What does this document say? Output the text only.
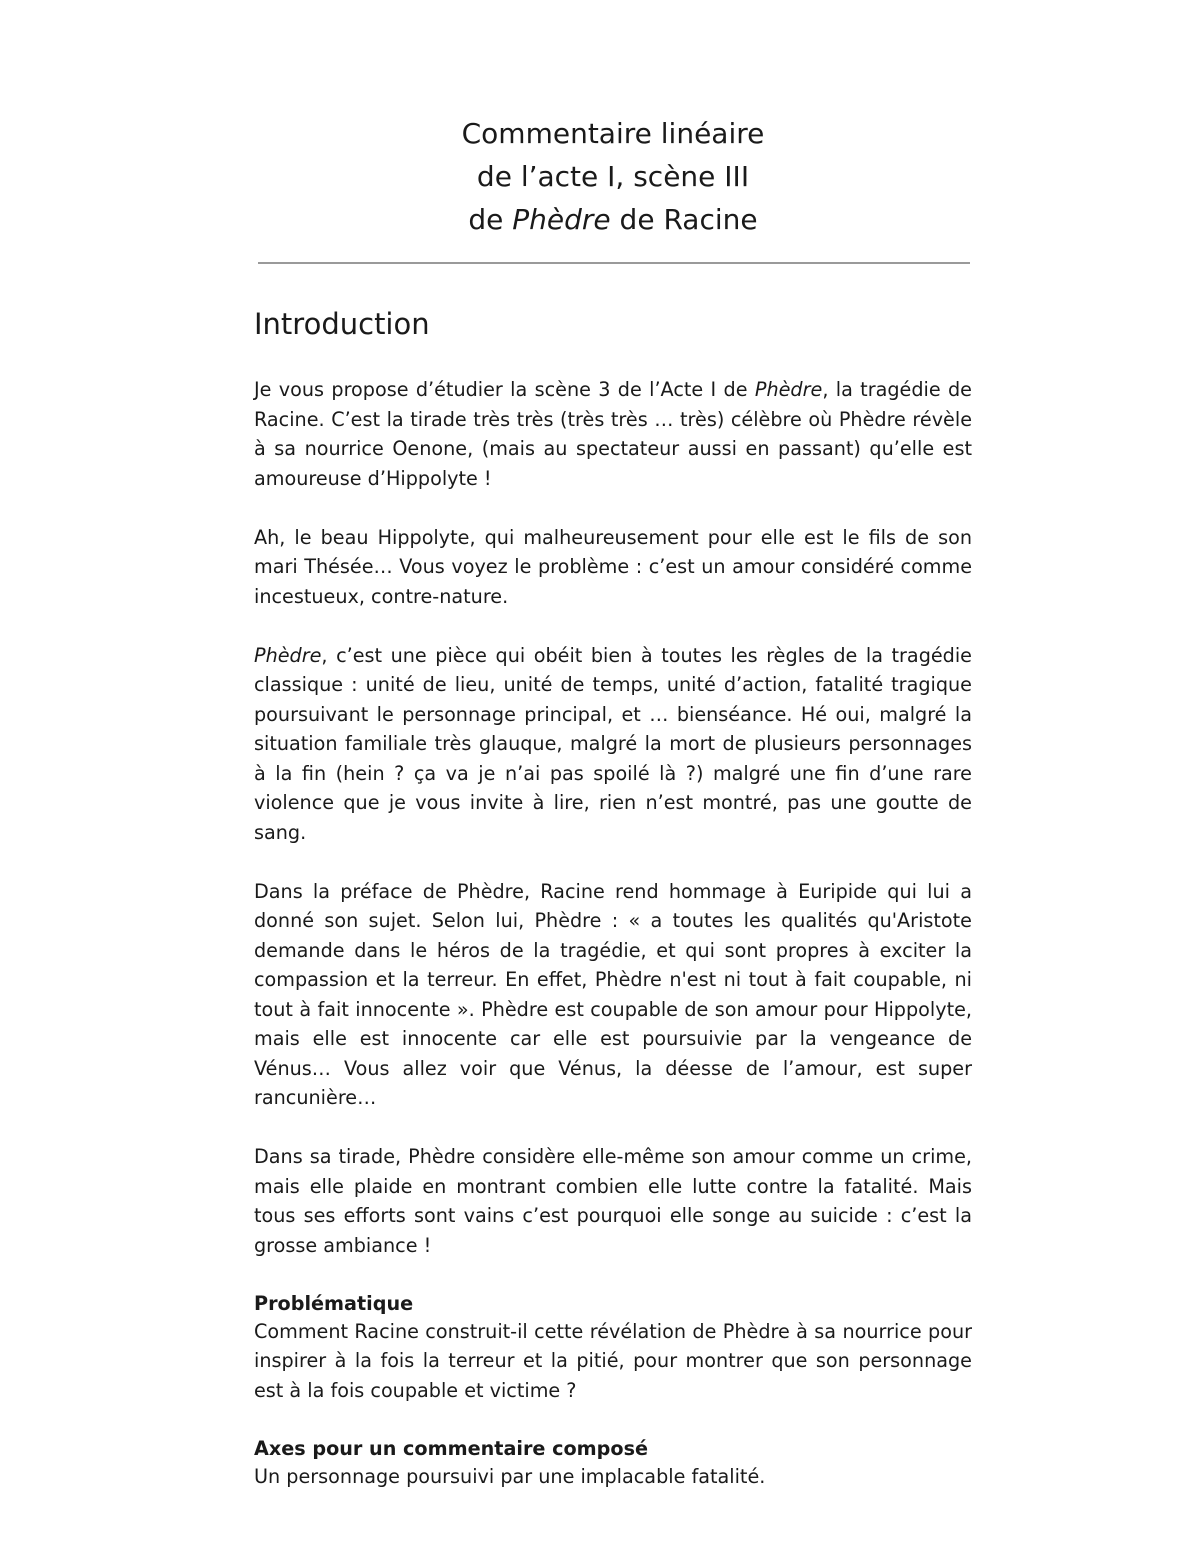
Commentaire linéaire
de l’acte I, scène III
de Phèdre de Racine
Introduction

Je vous propose d’étudier la scène 3 de l’Acte I de Phèdre, la tragédie de Racine. C’est la tirade très très (très très … très) célèbre où Phèdre révèle à sa nourrice Oenone, (mais au spectateur aussi en passant) qu’elle est amoureuse d’Hippolyte !

Ah, le beau Hippolyte, qui malheureusement pour elle est le fils de son mari Thésée… Vous voyez le problème : c’est un amour considéré comme incestueux, contre-nature.

Phèdre, c’est une pièce qui obéit bien à toutes les règles de la tragédie classique : unité de lieu, unité de temps, unité d’action, fatalité tragique poursuivant le personnage principal, et … bienséance. Hé oui, malgré la situation familiale très glauque, malgré la mort de plusieurs personnages à la fin (hein ? ça va je n’ai pas spoilé là ?) malgré une fin d’une rare violence que je vous invite à lire, rien n’est montré, pas une goutte de sang.

Dans la préface de Phèdre, Racine rend hommage à Euripide qui lui a donné son sujet. Selon lui, Phèdre : « a toutes les qualités qu'Aristote demande dans le héros de la tragédie, et qui sont propres à exciter la compassion et la terreur. En effet, Phèdre n'est ni tout à fait coupable, ni tout à fait innocente ». Phèdre est coupable de son amour pour Hippolyte, mais elle est innocente car elle est poursuivie par la vengeance de Vénus… Vous allez voir que Vénus, la déesse de l’amour, est super rancunière…

Dans sa tirade, Phèdre considère elle-même son amour comme un crime, mais elle plaide en montrant combien elle lutte contre la fatalité. Mais tous ses efforts sont vains c’est pourquoi elle songe au suicide : c’est la grosse ambiance !

Problématique
Comment Racine construit-il cette révélation de Phèdre à sa nourrice pour inspirer à la fois la terreur et la pitié, pour montrer que son personnage est à la fois coupable et victime ?
Axes pour un commentaire composé
Un personnage poursuivi par une implacable fatalité.
